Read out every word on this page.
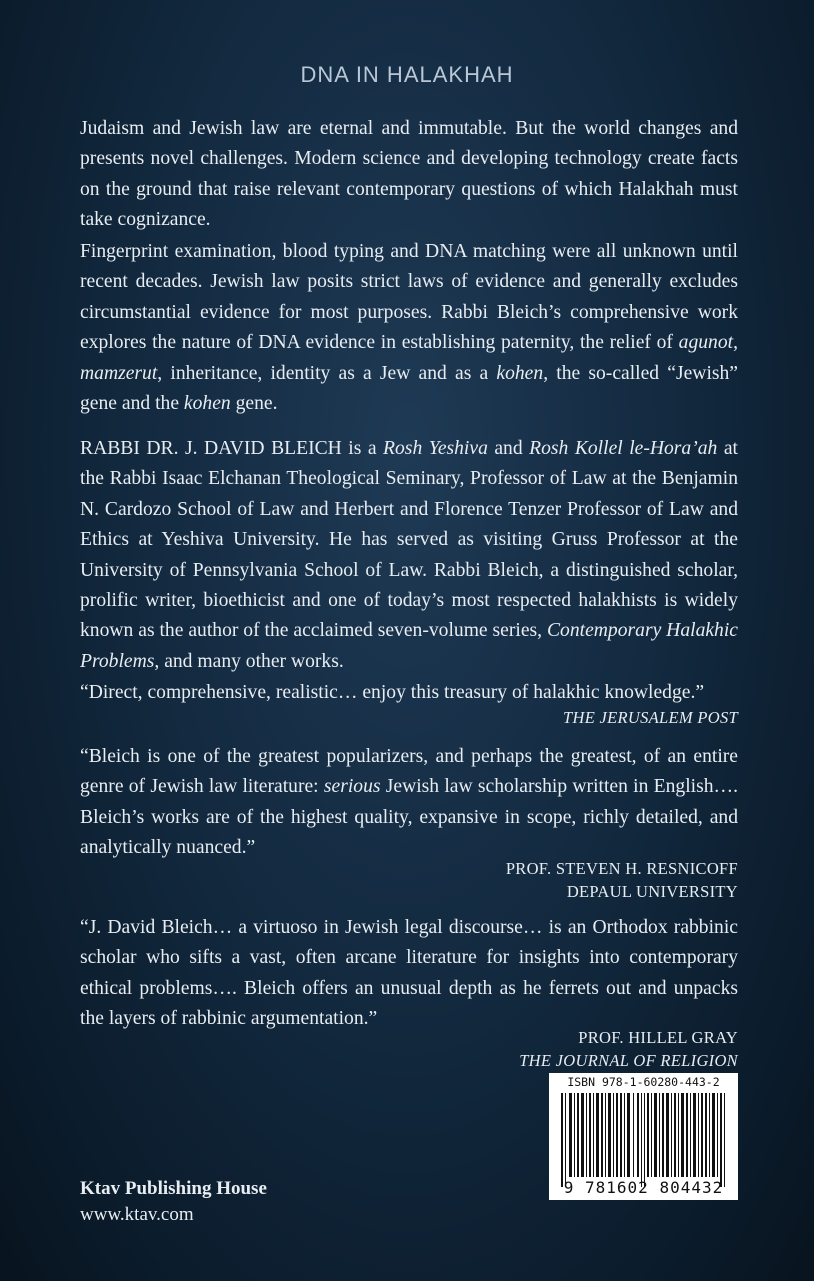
DNA IN HALAKHAH

Judaism and Jewish law are eternal and immutable. But the world changes and presents novel challenges. Modern science and developing technology create facts on the ground that raise relevant contemporary questions of which Halakhah must take cognizance.

Fingerprint examination, blood typing and DNA matching were all unknown until recent decades. Jewish law posits strict laws of evidence and generally excludes circumstantial evidence for most purposes. Rabbi Bleich’s comprehensive work explores the nature of DNA evidence in establishing paternity, the relief of agunot, mamzerut, inheritance, identity as a Jew and as a kohen, the so-called “Jewish” gene and the kohen gene.

RABBI DR. J. DAVID BLEICH is a Rosh Yeshiva and Rosh Kollel le-Hora’ah at the Rabbi Isaac Elchanan Theological Seminary, Professor of Law at the Benjamin N. Cardozo School of Law and Herbert and Florence Tenzer Professor of Law and Ethics at Yeshiva University. He has served as visiting Gruss Professor at the University of Pennsylvania School of Law. Rabbi Bleich, a distinguished scholar, prolific writer, bioethicist and one of today’s most respected halakhists is widely known as the author of the acclaimed seven-volume series, Contemporary Halakhic Problems, and many other works.

“Direct, comprehensive, realistic… enjoy this treasury of halakhic knowledge.”

THE JERUSALEM POST

“Bleich is one of the greatest popularizers, and perhaps the greatest, of an entire genre of Jewish law literature: serious Jewish law scholarship written in English…. Bleich’s works are of the highest quality, expansive in scope, richly detailed, and analytically nuanced.”

PROF. STEVEN H. RESNICOFF
DEPAUL UNIVERSITY

“J. David Bleich… a virtuoso in Jewish legal discourse… is an Orthodox rabbinic scholar who sifts a vast, often arcane literature for insights into contemporary ethical problems…. Bleich offers an unusual depth as he ferrets out and unpacks the layers of rabbinic argumentation.”

PROF. HILLEL GRAY
THE JOURNAL OF RELIGION
Ktav Publishing House
www.ktav.com
ISBN 978-1-60280-443-2
9 781602 804432
